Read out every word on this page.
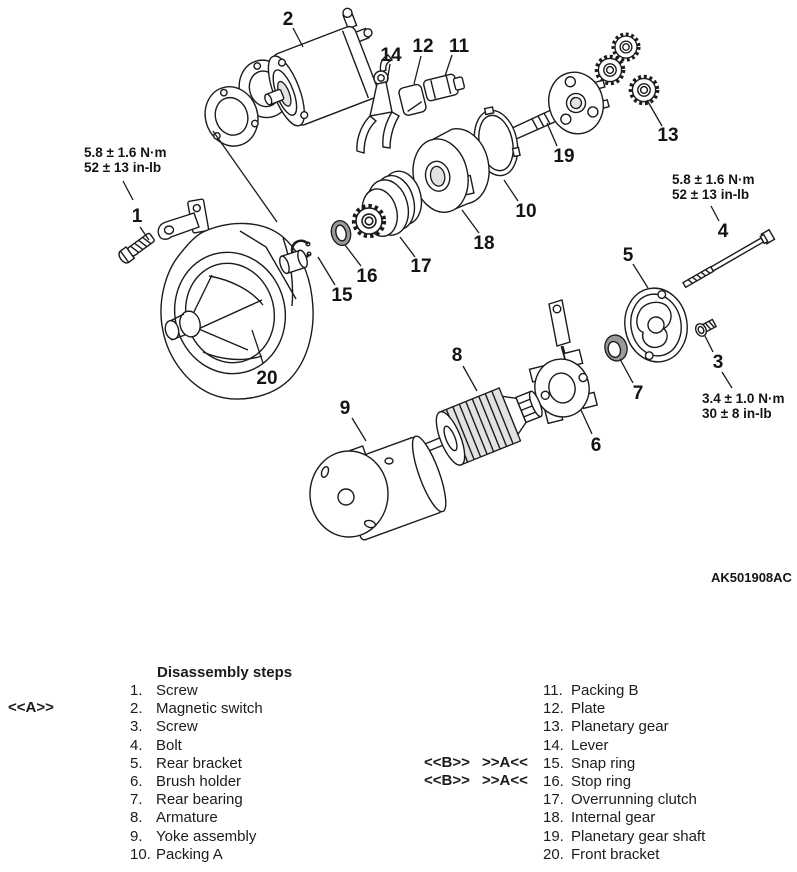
1
2
3
4
5
6
7
8
9
10
11
12
13
14
15
16 17
18
19
20
5.8 ± 1.6 N·m
52 ± 13 in-lb
5.8 ± 1.6 N·m
52 ± 13 in-lb
3.4 ± 1.0 N·m
30 ± 8 in-lb
AK501908AC
Disassembly steps
<<A>>
1. Screw
2. Magnetic switch
3. Screw
4. Bolt
5. Rear bracket
6. Brush holder
7. Rear bearing
8. Armature
9. Yoke assembly
10. Packing A
<<B>> >>A<<
<<B>> >>A<<
11. Packing B
12. Plate
13. Planetary gear
14. Lever
15. Snap ring
16. Stop ring
17. Overrunning clutch
18. Internal gear
19. Planetary gear shaft
20. Front bracket
